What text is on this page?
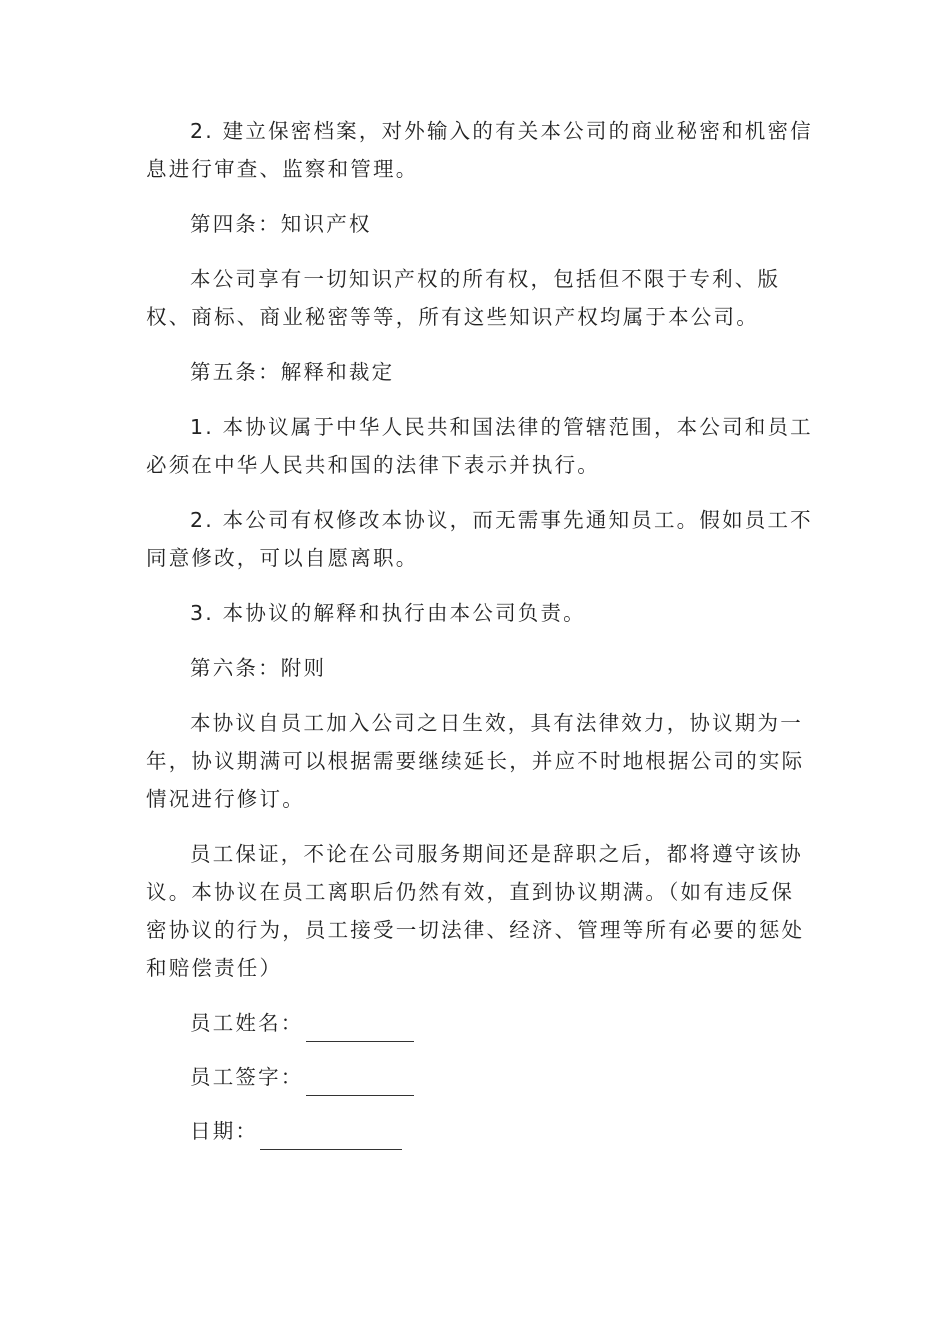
2. 建立保密档案，对外输入的有关本公司的商业秘密和机密信息进行审查、监察和管理。

第四条：知识产权

本公司享有一切知识产权的所有权，包括但不限于专利、版权、商标、商业秘密等等，所有这些知识产权均属于本公司。

第五条：解释和裁定

1. 本协议属于中华人民共和国法律的管辖范围，本公司和员工必须在中华人民共和国的法律下表示并执行。

2. 本公司有权修改本协议，而无需事先通知员工。假如员工不同意修改，可以自愿离职。

3. 本协议的解释和执行由本公司负责。

第六条：附则

本协议自员工加入公司之日生效，具有法律效力，协议期为一年，协议期满可以根据需要继续延长，并应不时地根据公司的实际情况进行修订。

员工保证，不论在公司服务期间还是辞职之后，都将遵守该协议。本协议在员工离职后仍然有效，直到协议期满。（如有违反保密协议的行为，员工接受一切法律、经济、管理等所有必要的惩处和赔偿责任）

员工姓名：
员工签字：
日期：
